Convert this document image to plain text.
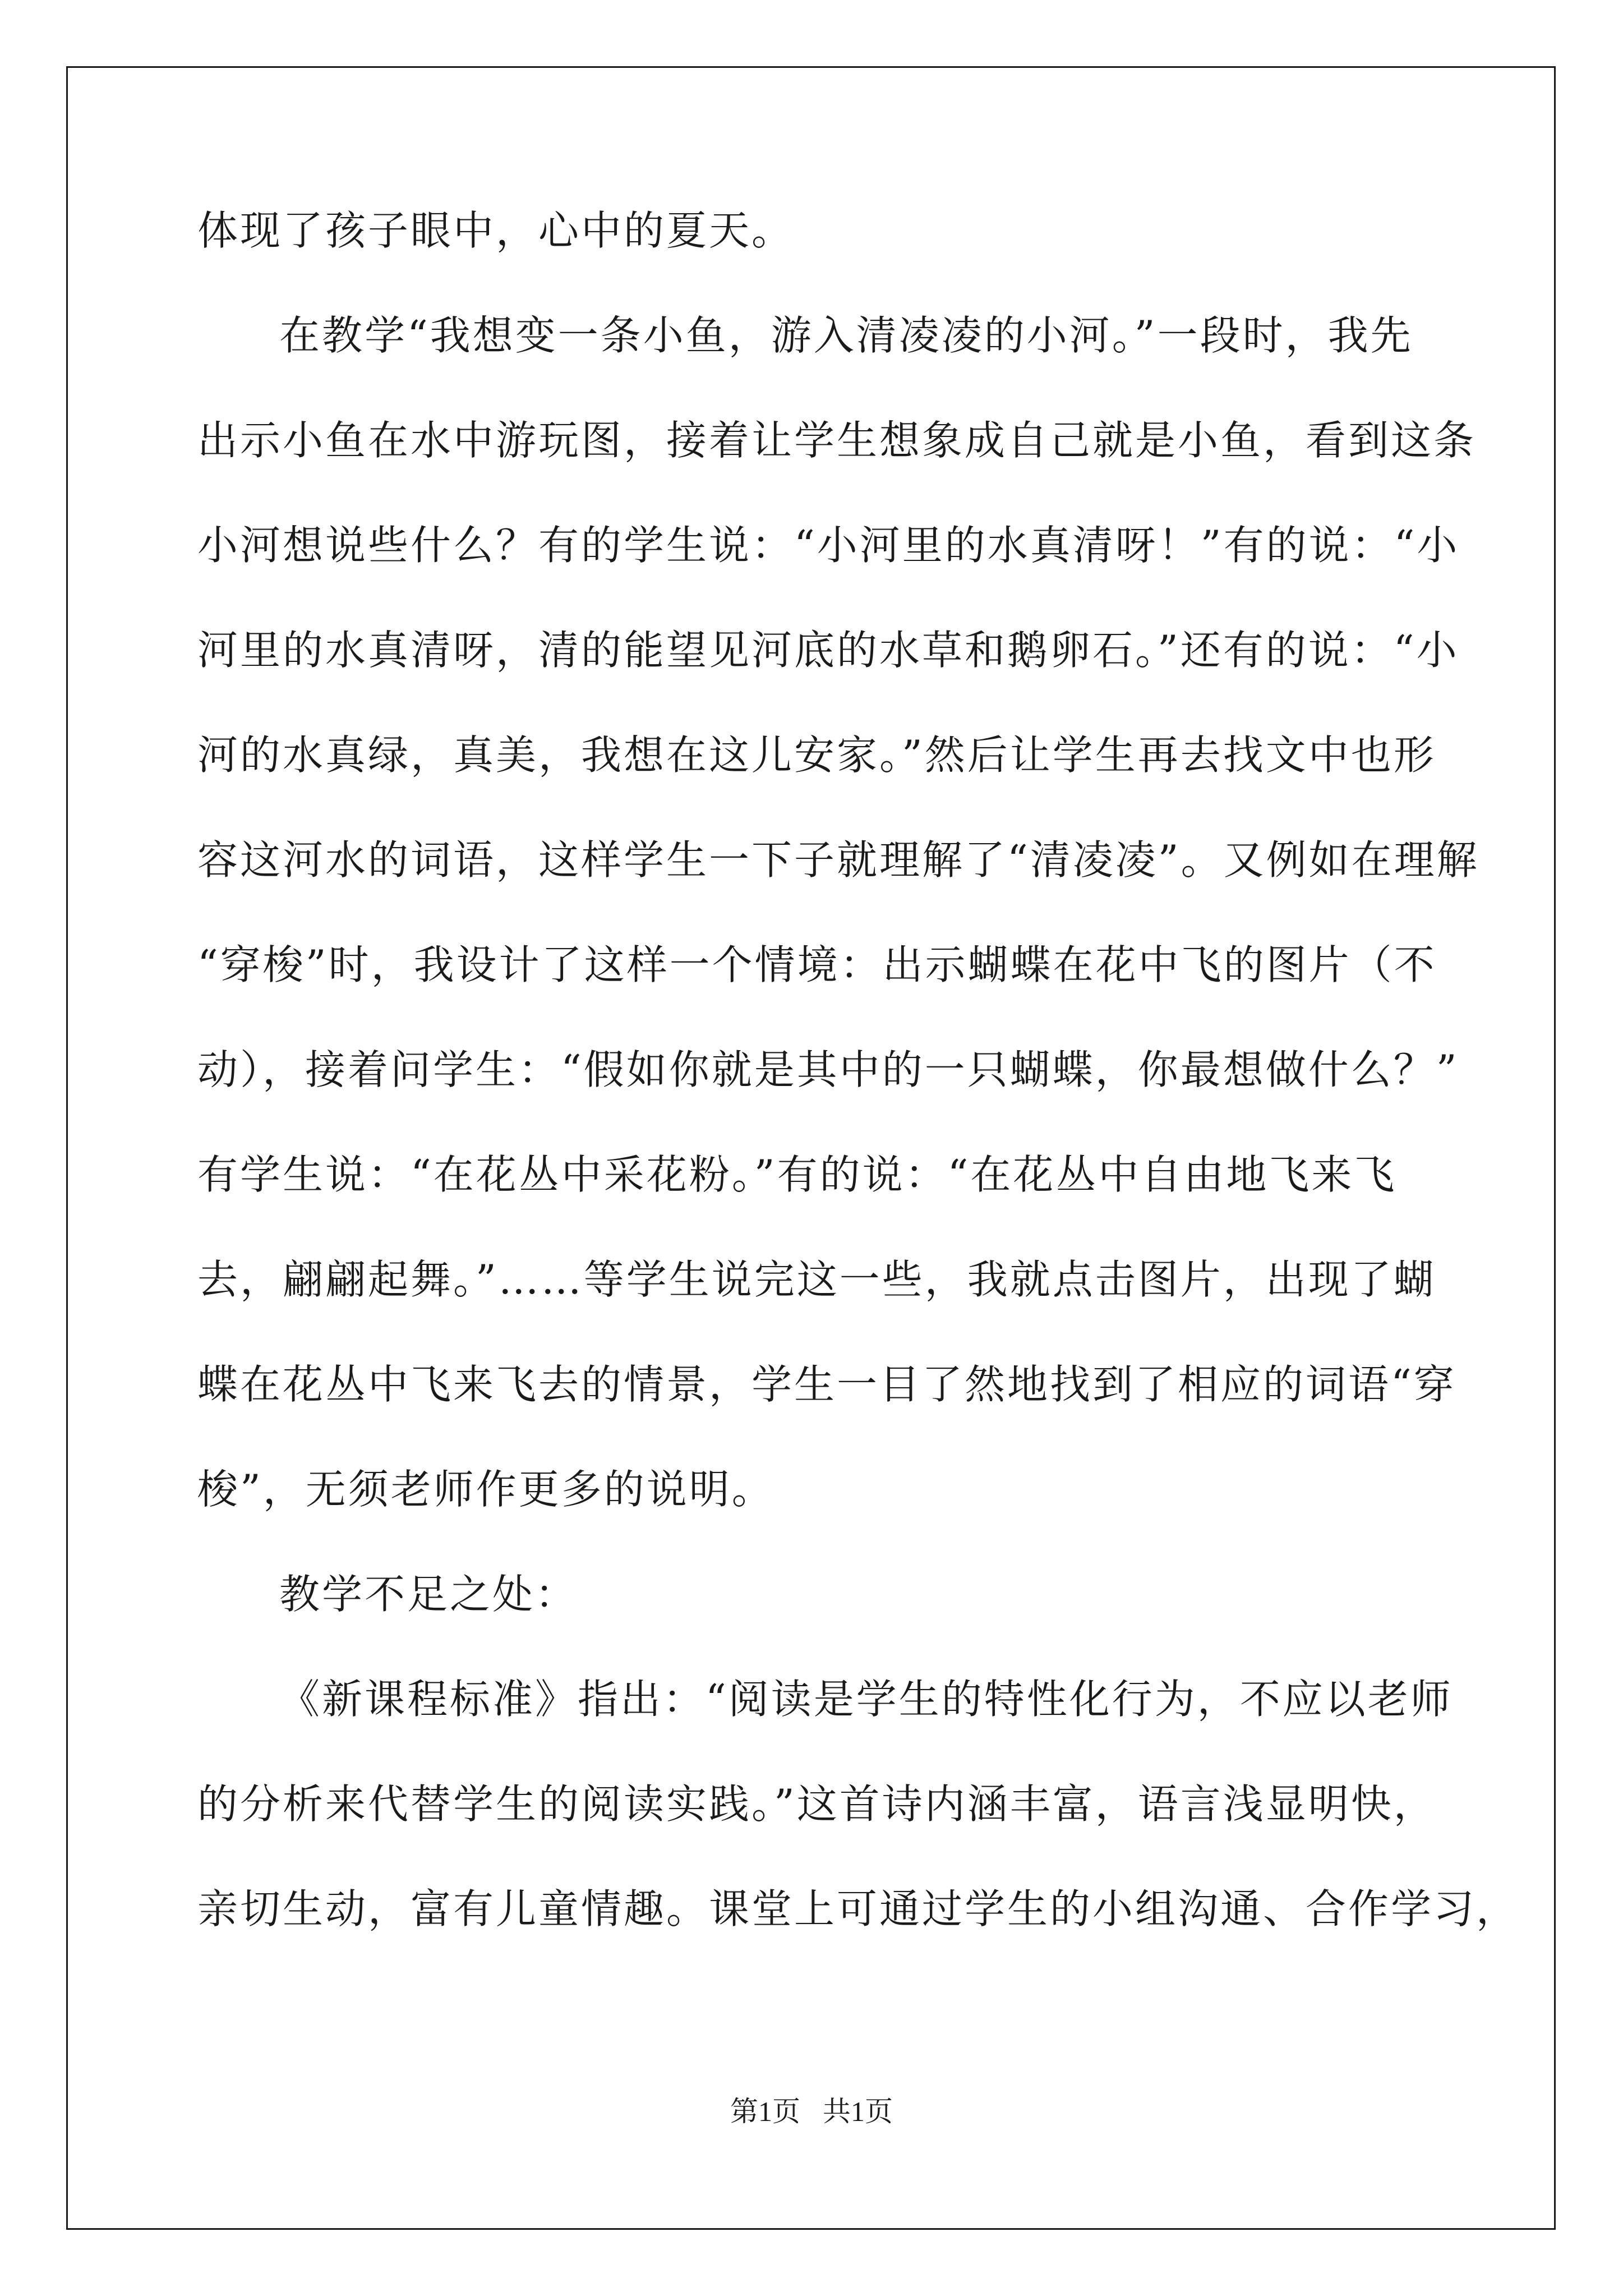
体现了孩子眼中，心中的夏天。
在教学“我想变一条小鱼，游入清凌凌的小河。”一段时，我先
出示小鱼在水中游玩图，接着让学生想象成自己就是小鱼，看到这条
小河想说些什么？有的学生说：“小河里的水真清呀！”有的说：“小
河里的水真清呀，清的能望见河底的水草和鹅卵石。”还有的说：“小
河的水真绿，真美，我想在这儿安家。”然后让学生再去找文中也形
容这河水的词语，这样学生一下子就理解了“清凌凌”。又例如在理解
“穿梭”时，我设计了这样一个情境：出示蝴蝶在花中飞的图片（不
动），接着问学生：“假如你就是其中的一只蝴蝶，你最想做什么？”
有学生说：“在花丛中采花粉。”有的说：“在花丛中自由地飞来飞
去，翩翩起舞。”……等学生说完这一些，我就点击图片，出现了蝴
蝶在花丛中飞来飞去的情景，学生一目了然地找到了相应的词语“穿
梭”，无须老师作更多的说明。
教学不足之处：
《新课程标准》指出：“阅读是学生的特性化行为，不应以老师
的分析来代替学生的阅读实践。”这首诗内涵丰富，语言浅显明快，
亲切生动，富有儿童情趣。课堂上可通过学生的小组沟通、合作学习，
第1页 共1页
